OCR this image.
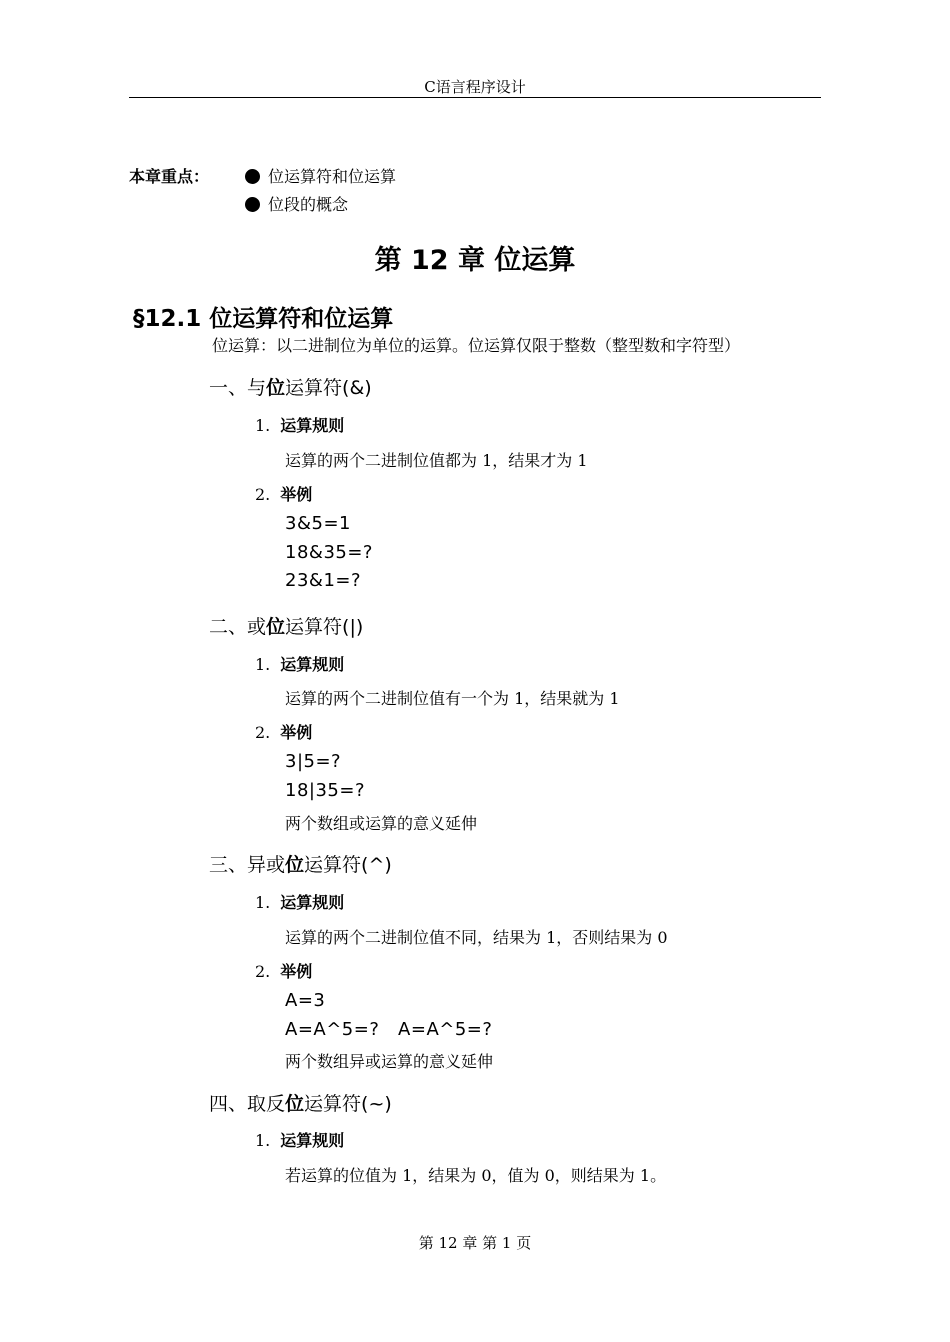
C语言程序设计
本章重点：	位运算符和位运算
位段的概念
第 12 章 位运算
§12.1 位运算符和位运算
位运算：以二进制位为单位的运算。位运算仅限于整数（整型数和字符型）
一、与位运算符(&)
1. 运算规则
运算的两个二进制位值都为 1，结果才为 1
2. 举例
3&5=1
18&35=?
23&1=?
二、或位运算符(|)
1. 运算规则
运算的两个二进制位值有一个为 1，结果就为 1
2. 举例
3|5=?
18|35=?
两个数组或运算的意义延伸
三、异或位运算符(^)
1. 运算规则
运算的两个二进制位值不同，结果为 1，否则结果为 0
2. 举例
A=3
A=A^5=?   A=A^5=?
两个数组异或运算的意义延伸
四、取反位运算符(~)
1. 运算规则
若运算的位值为 1，结果为 0，值为 0，则结果为 1。
第 12 章 第 1 页
